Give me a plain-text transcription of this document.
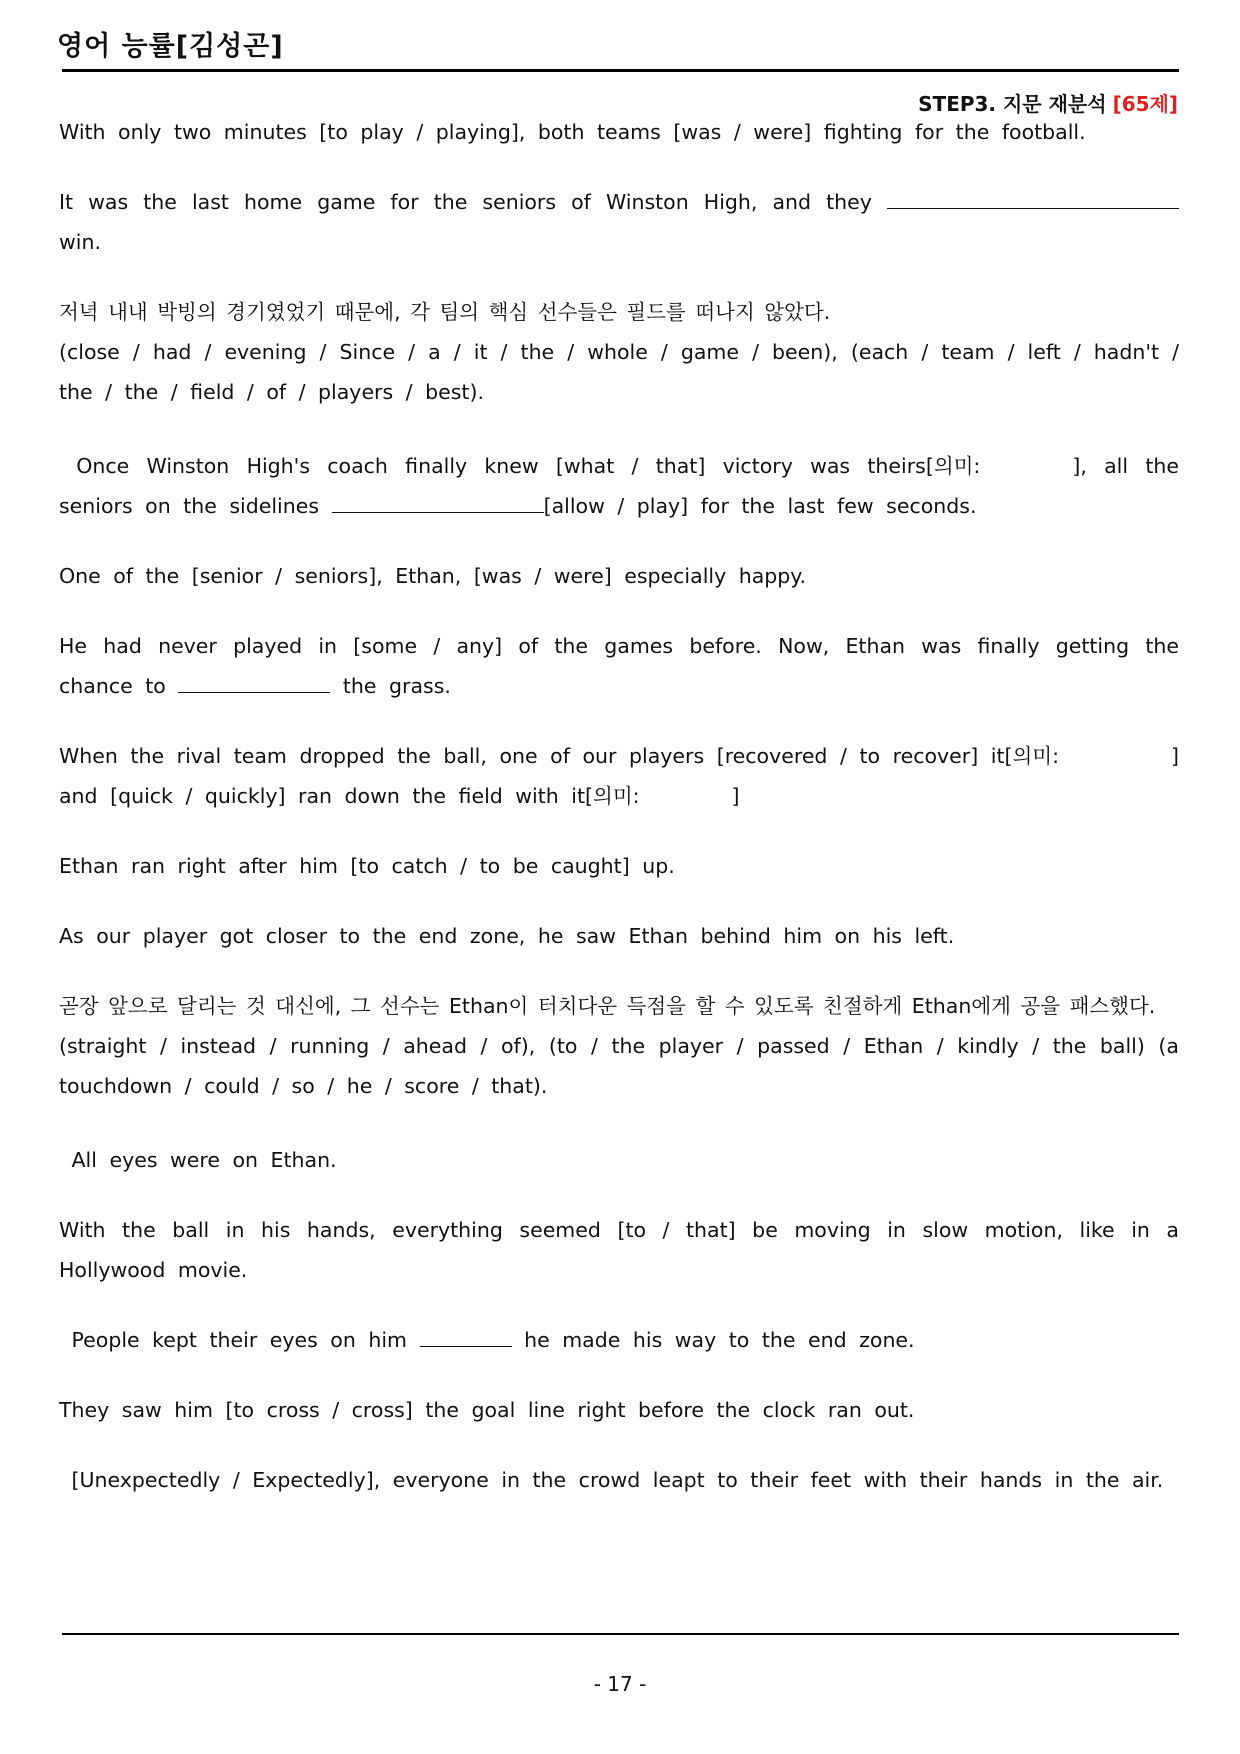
영어 능률[김성곤]
STEP3. 지문 재분석 [65제]

With only two minutes [to play / playing], both teams [was / were] fighting for the football.

It was the last home game for the seniors of Winston High, and they  win.

저녁 내내 박빙의 경기였었기 때문에, 각 팀의 핵심 선수들은 필드를 떠나지 않았다.

(close / had / evening / Since / a / it / the / whole / game / been), (each / team / left / hadn't / the / the / field / of / players / best).

Once Winston High's coach finally knew [what / that] victory was theirs[의미:	], all the seniors on the sidelines	[allow / play] for the last few seconds.

One of the [senior / seniors], Ethan, [was / were] especially happy.

He had never played in [some / any] of the games before. Now, Ethan was finally getting the chance to	the grass.

When the rival team dropped the ball, one of our players [recovered / to recover] it[의미:	] and [quick / quickly] ran down the field with it[의미:	]

Ethan ran right after him [to catch / to be caught] up.

As our player got closer to the end zone, he saw Ethan behind him on his left.

곧장 앞으로 달리는 것 대신에, 그 선수는 Ethan이 터치다운 득점을 할 수 있도록 친절하게 Ethan에게 공을 패스했다.

(straight / instead / running / ahead / of), (to / the player / passed / Ethan / kindly / the ball) (a touchdown / could / so / he / score / that).

All eyes were on Ethan.

With the ball in his hands, everything seemed [to / that] be moving in slow motion, like in a Hollywood movie.

People kept their eyes on him	he made his way to the end zone.

They saw him [to cross / cross] the goal line right before the clock ran out.

[Unexpectedly / Expectedly], everyone in the crowd leapt to their feet with their hands in the air.

- 17 -
